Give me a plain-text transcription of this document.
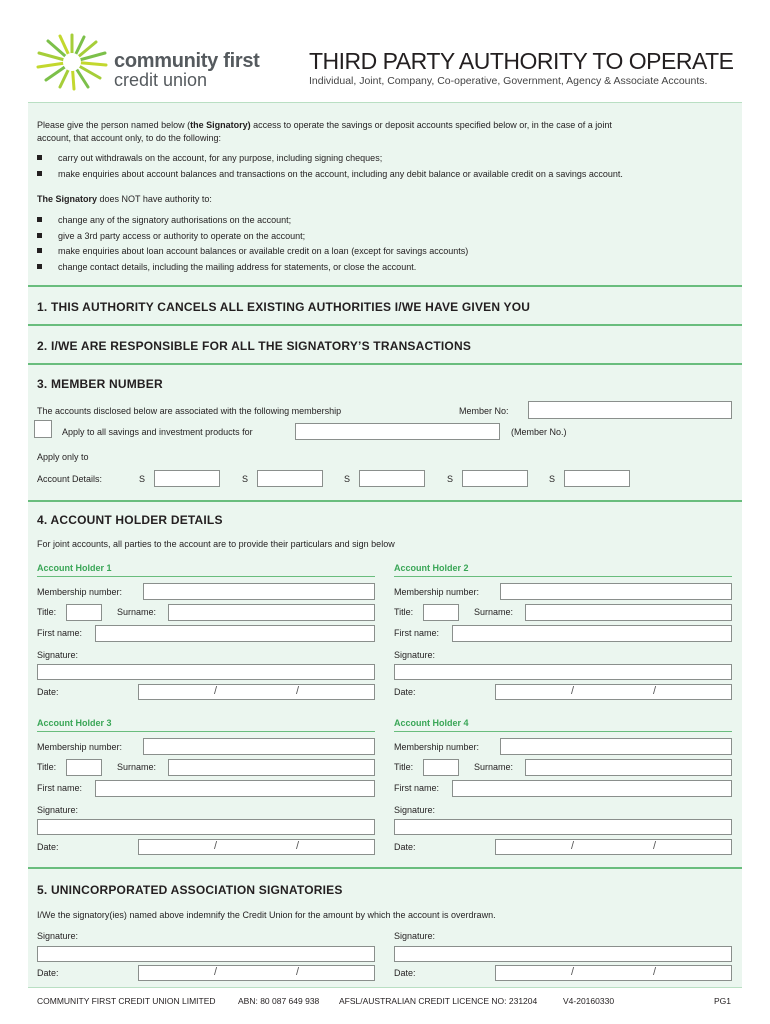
community first
credit union
THIRD PARTY AUTHORITY TO OPERATE
Individual, Joint, Company, Co-operative, Government, Agency & Associate Accounts.
Please give the person named below (the Signatory) access to operate the savings or deposit accounts specified below or, in the case of a joint
account, that account only, to do the following:
carry out withdrawals on the account, for any purpose, including signing cheques;
make enquiries about account balances and transactions on the account, including any debit balance or available credit on a savings account.
The Signatory does NOT have authority to:
change any of the signatory authorisations on the account;
give a 3rd party access or authority to operate on the account;
make enquiries about loan account balances or available credit on a loan (except for savings accounts)
change contact details, including the mailing address for statements, or close the account.
1. THIS AUTHORITY CANCELS ALL EXISTING AUTHORITIES I/WE HAVE GIVEN YOU
2. I/WE ARE RESPONSIBLE FOR ALL THE SIGNATORY’S TRANSACTIONS
3. MEMBER NUMBER
The accounts disclosed below are associated with the following membership	Member No:
Apply to all savings and investment products for	(Member No.)
Apply only to
Account Details:	S	S	S	S	S
4. ACCOUNT HOLDER DETAILS
For joint accounts, all parties to the account are to provide their particulars and sign below
Account Holder 1
Membership number:
Title:	Surname:
First name:
Signature:
Date:	/	/
Account Holder 2
Membership number:
Title:	Surname:
First name:
Signature:
Date:	/	/
Account Holder 3
Membership number:
Title:	Surname:
First name:
Signature:
Date:	/	/
Account Holder 4
Membership number:
Title:	Surname:
First name:
Signature:
Date:	/	/
5. UNINCORPORATED ASSOCIATION SIGNATORIES
I/We the signatory(ies) named above indemnify the Credit Union for the amount by which the account is overdrawn.
Signature:	Signature:
Date:	/	/	Date:	/	/
COMMUNITY FIRST CREDIT UNION LIMITED	ABN: 80 087 649 938 AFSL/AUSTRALIAN CREDIT LICENCE NO: 231204	V4-20160330	PG1
